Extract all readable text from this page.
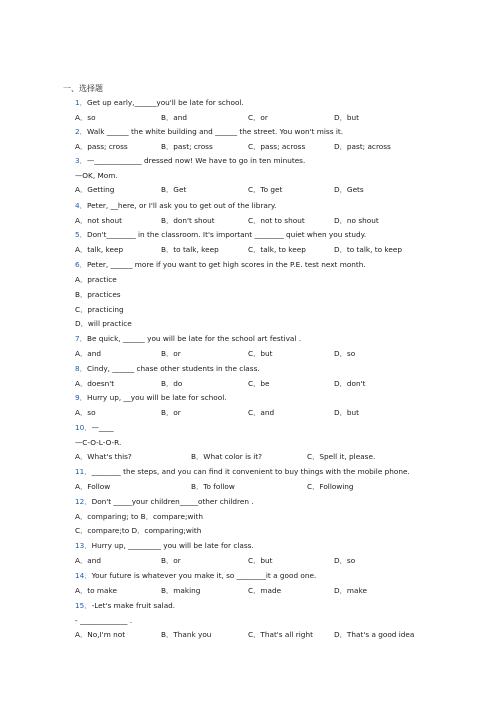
一、选择题
1．Get up early,______you'll be late for school.
A．so	B．and	C．or	D．but
2．Walk ______ the white building and ______ the street. You won't miss it.
A．pass; cross	B．past; cross	C．pass; across	D．past; across
3．—_____________ dressed now! We have to go in ten minutes.
—OK, Mom.
A．Getting	B．Get	C．To get	D．Gets
4．Peter, __here, or I'll ask you to get out of the library.
A．not shout	B．don't shout	C．not to shout	D．no shout
5．Don't________ in the classroom. It's important ________ quiet when you study.
A．talk, keep	B．to talk, keep	C．talk, to keep	D．to talk, to keep
6．Peter, ______ more if you want to get high scores in the P.E. test next month.
A．practice
B．practices
C．practicing
D．will practice
7．Be quick, ______ you will be late for the school art festival .
A．and	B．or	C．but	D．so
8．Cindy, ______ chase other students in the class.
A．doesn't	B．do	C．be	D．don't
9．Hurry up, __you will be late for school.
A．so	B．or	C．and	D．but
10．—____
—C-O-L-O-R.
A．What's this?	B．What color is it?	C．Spell it, please.
11．________ the steps, and you can find it convenient to buy things with the mobile phone.
A．Follow	B．To follow	C．Following
12．Don't _____your children_____other children .
A．comparing; to B．compare;with
C．compare;to D．comparing;with
13．Hurry up, _________ you will be late for class.
A．and	B．or	C．but	D．so
14．Your future is whatever you make it, so ________it a good one.
A．to make	B．making	C．made	D．make
15．-Let's make fruit salad.
- _____________ .
A．No,I'm not	B．Thank you	C．That's all right	D．That's a good idea
